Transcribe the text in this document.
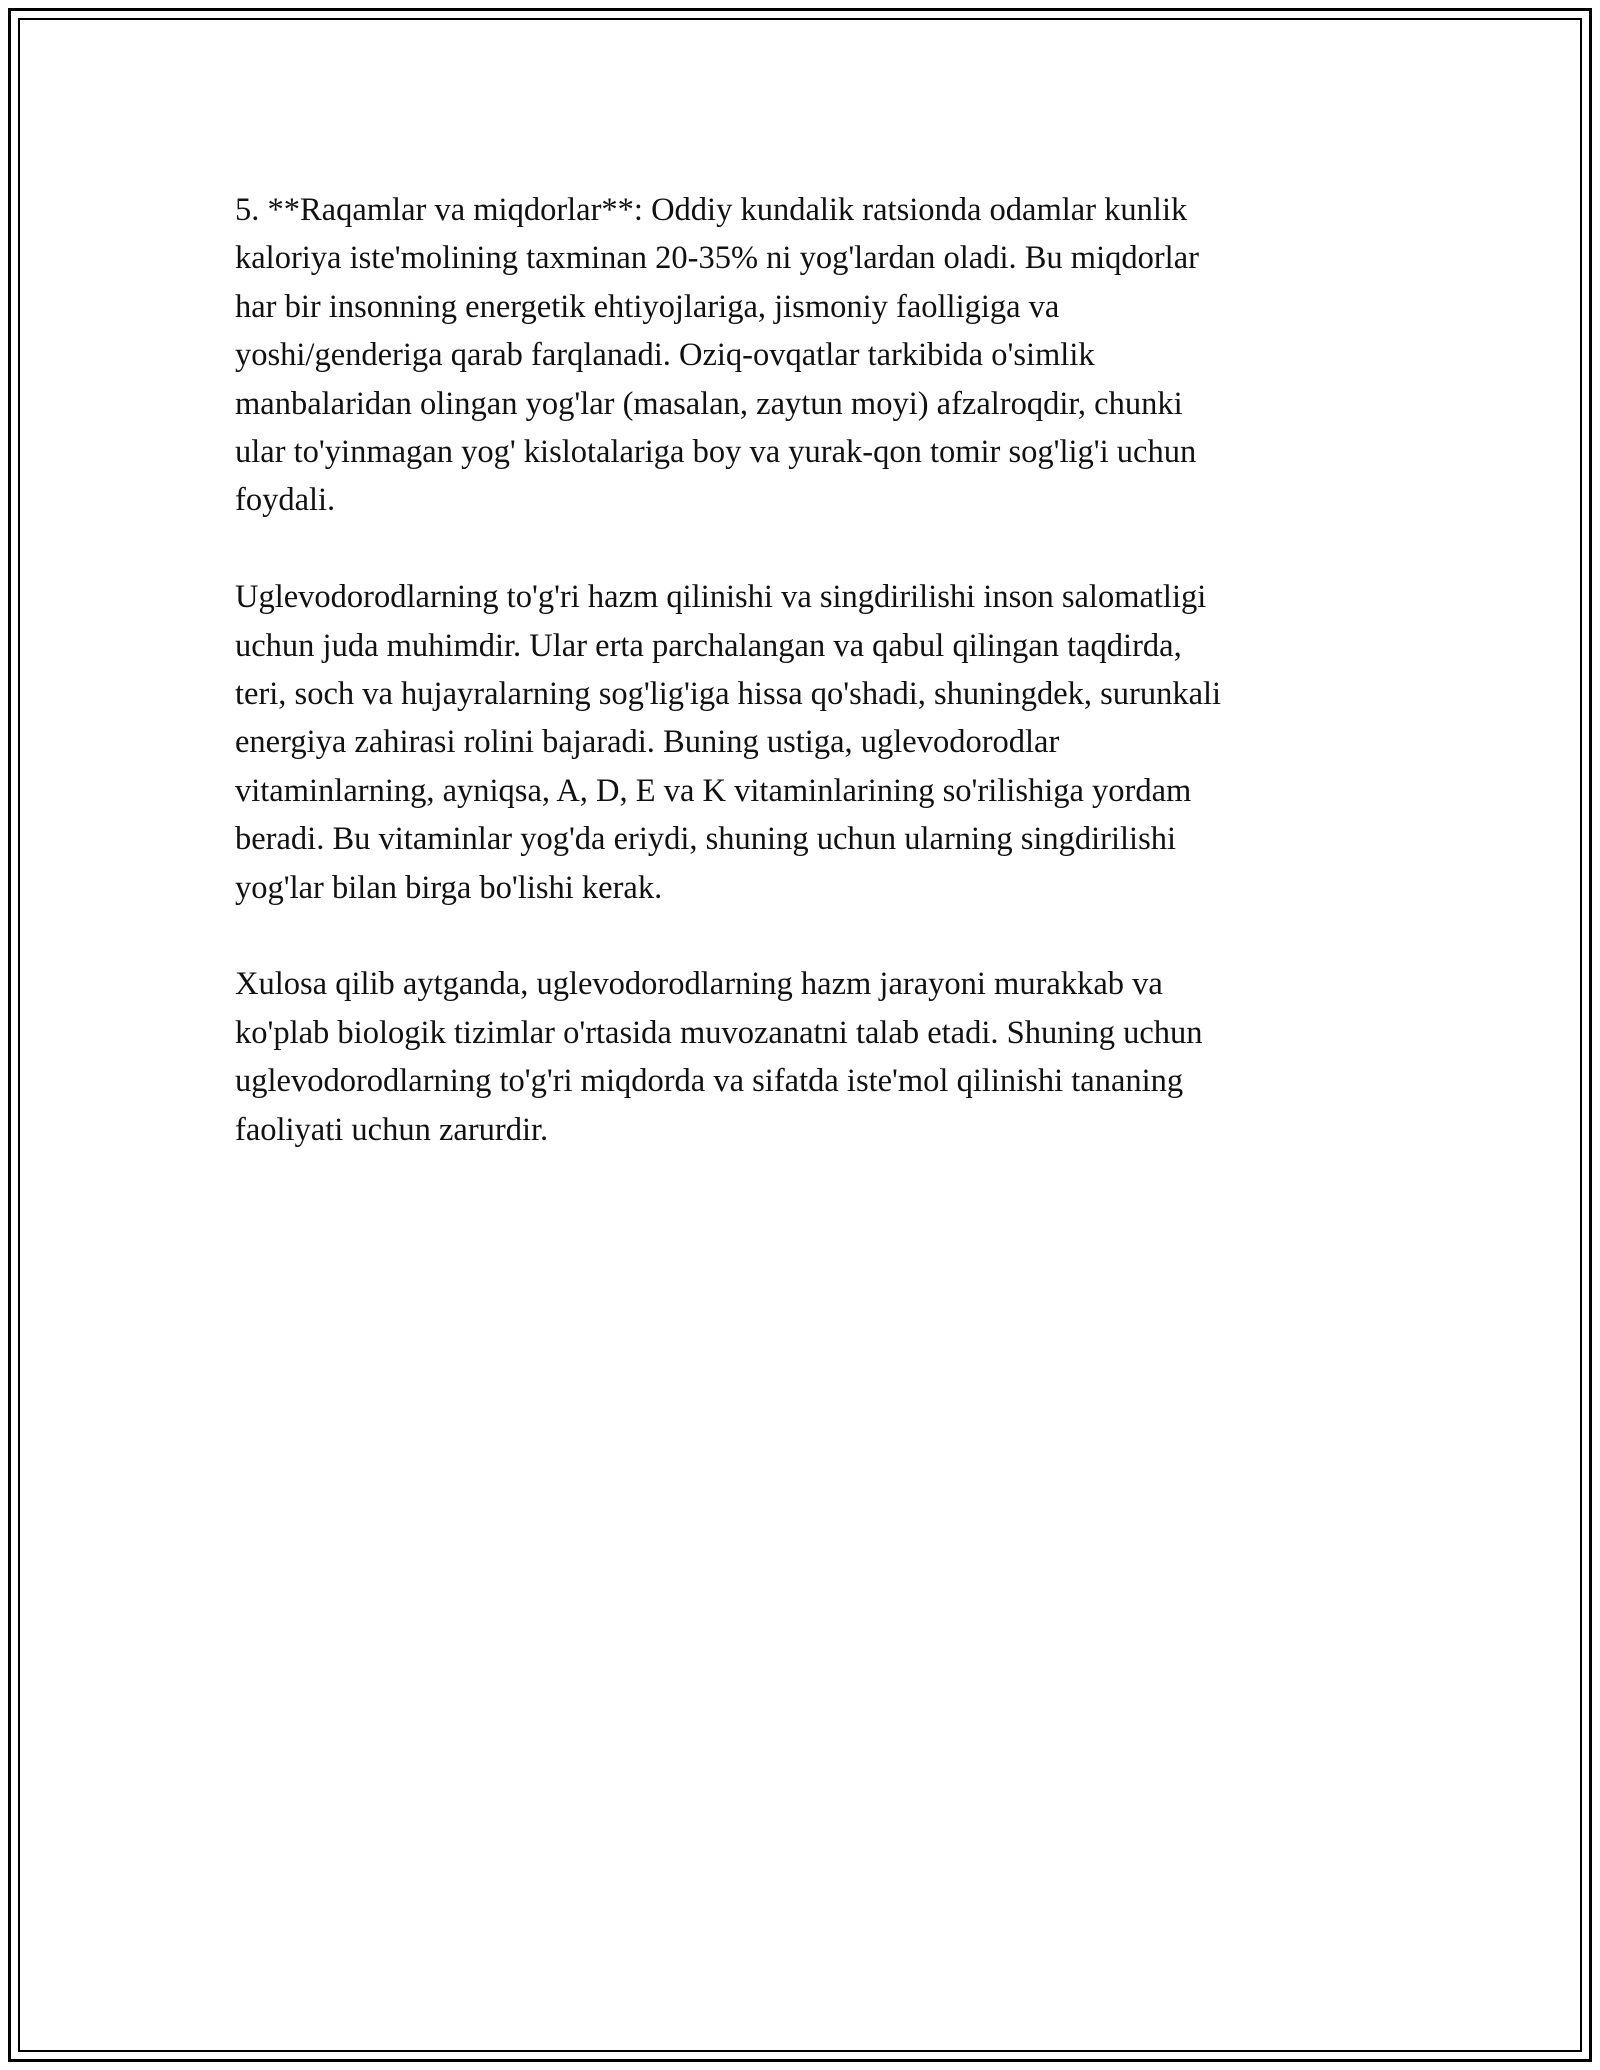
5. **Raqamlar va miqdorlar**: Oddiy kundalik ratsionda odamlar kunlik
kaloriya iste'molining taxminan 20-35% ni yog'lardan oladi. Bu miqdorlar
har bir insonning energetik ehtiyojlariga, jismoniy faolligiga va
yoshi/genderiga qarab farqlanadi. Oziq-ovqatlar tarkibida o'simlik
manbalaridan olingan yog'lar (masalan, zaytun moyi) afzalroqdir, chunki
ular to'yinmagan yog' kislotalariga boy va yurak-qon tomir sog'lig'i uchun
foydali.

Uglevodorodlarning to'g'ri hazm qilinishi va singdirilishi inson salomatligi
uchun juda muhimdir. Ular erta parchalangan va qabul qilingan taqdirda,
teri, soch va hujayralarning sog'lig'iga hissa qo'shadi, shuningdek, surunkali
energiya zahirasi rolini bajaradi. Buning ustiga, uglevodorodlar
vitaminlarning, ayniqsa, A, D, E va K vitaminlarining so'rilishiga yordam
beradi. Bu vitaminlar yog'da eriydi, shuning uchun ularning singdirilishi
yog'lar bilan birga bo'lishi kerak.

Xulosa qilib aytganda, uglevodorodlarning hazm jarayoni murakkab va
ko'plab biologik tizimlar o'rtasida muvozanatni talab etadi. Shuning uchun
uglevodorodlarning to'g'ri miqdorda va sifatda iste'mol qilinishi tananing
faoliyati uchun zarurdir.
